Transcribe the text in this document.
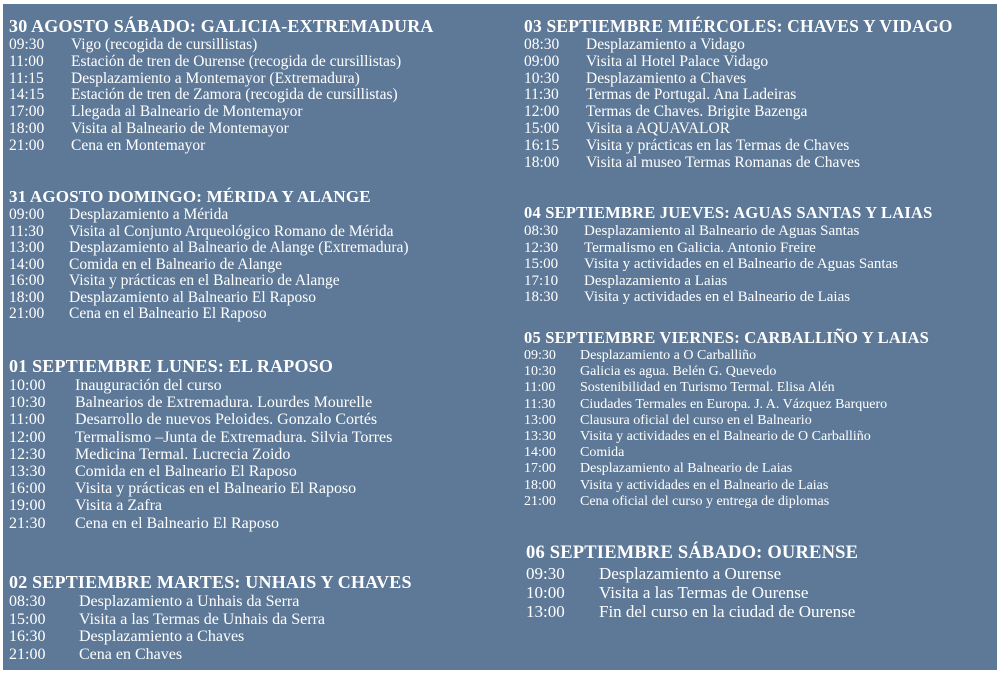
30 AGOSTO SÁBADO: GALICIA-EXTREMADURA
09:30	Vigo (recogida de cursillistas)
11:00	Estación de tren de Ourense (recogida de cursillistas)
11:15	Desplazamiento a Montemayor (Extremadura)
14:15	Estación de tren de Zamora (recogida de cursillistas)
17:00	Llegada al Balneario de Montemayor
18:00	Visita al Balneario de Montemayor
21:00	Cena en Montemayor
31 AGOSTO DOMINGO: MÉRIDA Y ALANGE
09:00	Desplazamiento a Mérida
11:30	Visita al Conjunto Arqueológico Romano de Mérida
13:00	Desplazamiento al Balneario de Alange (Extremadura)
14:00	Comida en el Balneario de Alange
16:00	Visita y prácticas en el Balneario de Alange
18:00	Desplazamiento al Balneario El Raposo
21:00	Cena en el Balneario El Raposo
01 SEPTIEMBRE LUNES: EL RAPOSO
10:00	Inauguración del curso
10:30	Balnearios de Extremadura. Lourdes Mourelle
11:00	Desarrollo de nuevos Peloides. Gonzalo Cortés
12:00	Termalismo –Junta de Extremadura. Silvia Torres
12:30	Medicina Termal. Lucrecia Zoido
13:30	Comida en el Balneario El Raposo
16:00	Visita y prácticas en el Balneario El Raposo
19:00	Visita a Zafra
21:30	Cena en el Balneario El Raposo
02 SEPTIEMBRE MARTES: UNHAIS Y CHAVES
08:30	Desplazamiento a Unhais da Serra
15:00	Visita a las Termas de Unhais da Serra
16:30	Desplazamiento a Chaves
21:00	Cena en Chaves
03 SEPTIEMBRE MIÉRCOLES: CHAVES Y VIDAGO
08:30	Desplazamiento a Vidago
09:00	Visita al Hotel Palace Vidago
10:30	Desplazamiento a Chaves
11:30	Termas de Portugal. Ana Ladeiras
12:00	Termas de Chaves. Brigite Bazenga
15:00	Visita a AQUAVALOR
16:15	Visita y prácticas en las Termas de Chaves
18:00	Visita al museo Termas Romanas de Chaves
04 SEPTIEMBRE JUEVES: AGUAS SANTAS Y LAIAS
08:30	Desplazamiento al Balneario de Aguas Santas
12:30	Termalismo en Galicia. Antonio Freire
15:00	Visita y actividades en el Balneario de Aguas Santas
17:10	Desplazamiento a Laias
18:30	Visita y actividades en el Balneario de Laias
05 SEPTIEMBRE VIERNES: CARBALLIÑO Y LAIAS
09:30	Desplazamiento a O Carballiño
10:30	Galicia es agua. Belén G. Quevedo
11:00	Sostenibilidad en Turismo Termal. Elisa Alén
11:30	Ciudades Termales en Europa. J. A. Vázquez Barquero
13:00	Clausura oficial del curso en el Balneario
13:30	Visita y actividades en el Balneario de O Carballiño
14:00	Comida
17:00	Desplazamiento al Balneario de Laias
18:00	Visita y actividades en el Balneario de Laias
21:00	Cena oficial del curso y entrega de diplomas
06 SEPTIEMBRE SÁBADO: OURENSE
09:30	Desplazamiento a Ourense
10:00	Visita a las Termas de Ourense
13:00	Fin del curso en la ciudad de Ourense
